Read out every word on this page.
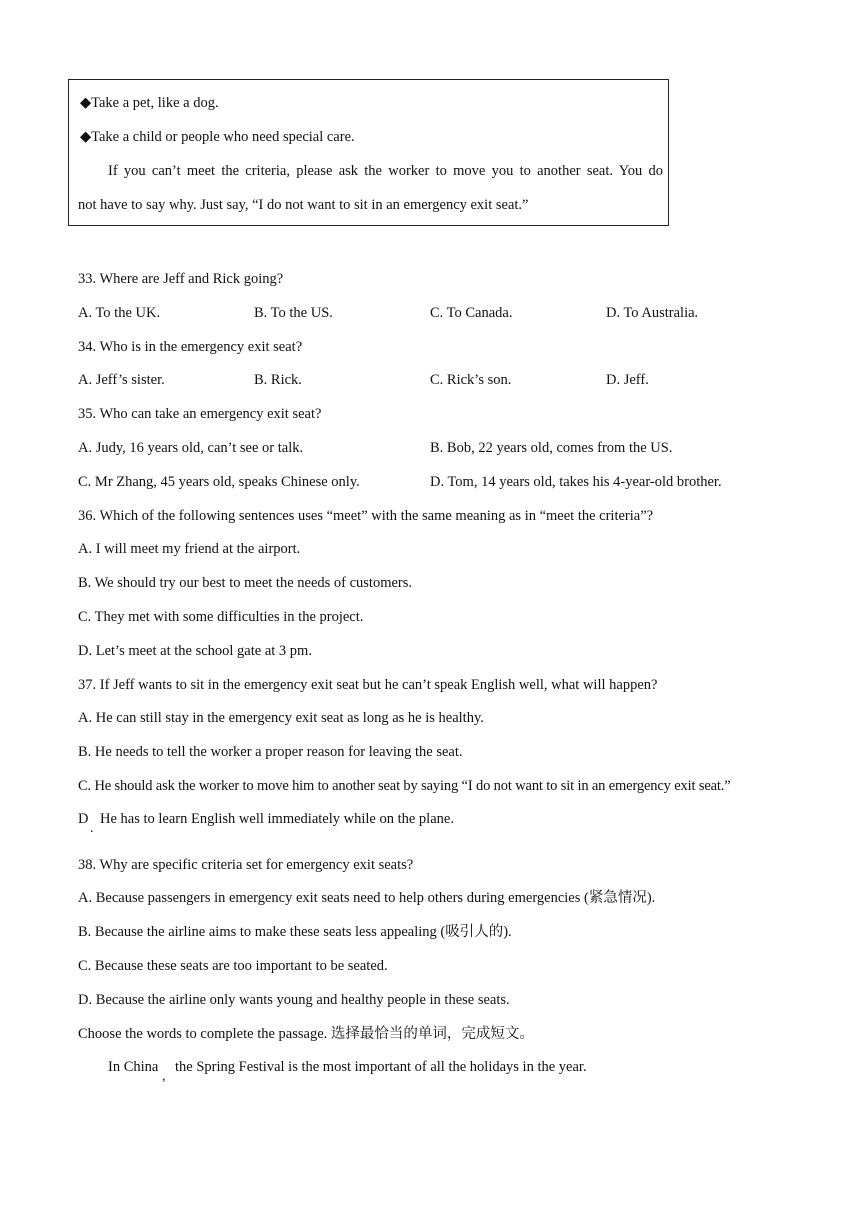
◆Take a pet, like a dog.
◆Take a child or people who need special care.
If you can’t meet the criteria, please ask the worker to move you to another seat. You do
not have to say why. Just say, “I do not want to sit in an emergency exit seat.”
33. Where are Jeff and Rick going?
A. To the UK.	B. To the US.	C. To Canada.	D. To Australia.
34. Who is in the emergency exit seat?
A. Jeff’s sister.	B. Rick.	C. Rick’s son.	D. Jeff.
35. Who can take an emergency exit seat?
A. Judy, 16 years old, can’t see or talk.	B. Bob, 22 years old, comes from the US.
C. Mr Zhang, 45 years old, speaks Chinese only.	D. Tom, 14 years old, takes his 4-year-old brother.
36. Which of the following sentences uses “meet” with the same meaning as in “meet the criteria”?
A. I will meet my friend at the airport.
B. We should try our best to meet the needs of customers.
C. They met with some difficulties in the project.
D. Let’s meet at the school gate at 3 pm.
37. If Jeff wants to sit in the emergency exit seat but he can’t speak English well, what will happen?
A. He can still stay in the emergency exit seat as long as he is healthy.
B. He needs to tell the worker a proper reason for leaving the seat.
C. He should ask the worker to move him to another seat by saying “I do not want to sit in an emergency exit seat.”
D
.
He has to learn English well immediately while on the plane.
38. Why are specific criteria set for emergency exit seats?
A. Because passengers in emergency exit seats need to help others during emergencies (紧急情况).
B. Because the airline aims to make these seats less appealing (吸引人的).
C. Because these seats are too important to be seated.
D. Because the airline only wants young and healthy people in these seats.
Choose the words to complete the passage. 选择最恰当的单词，完成短文。
In China
,
the Spring Festival is the most important of all the holidays in the year.
